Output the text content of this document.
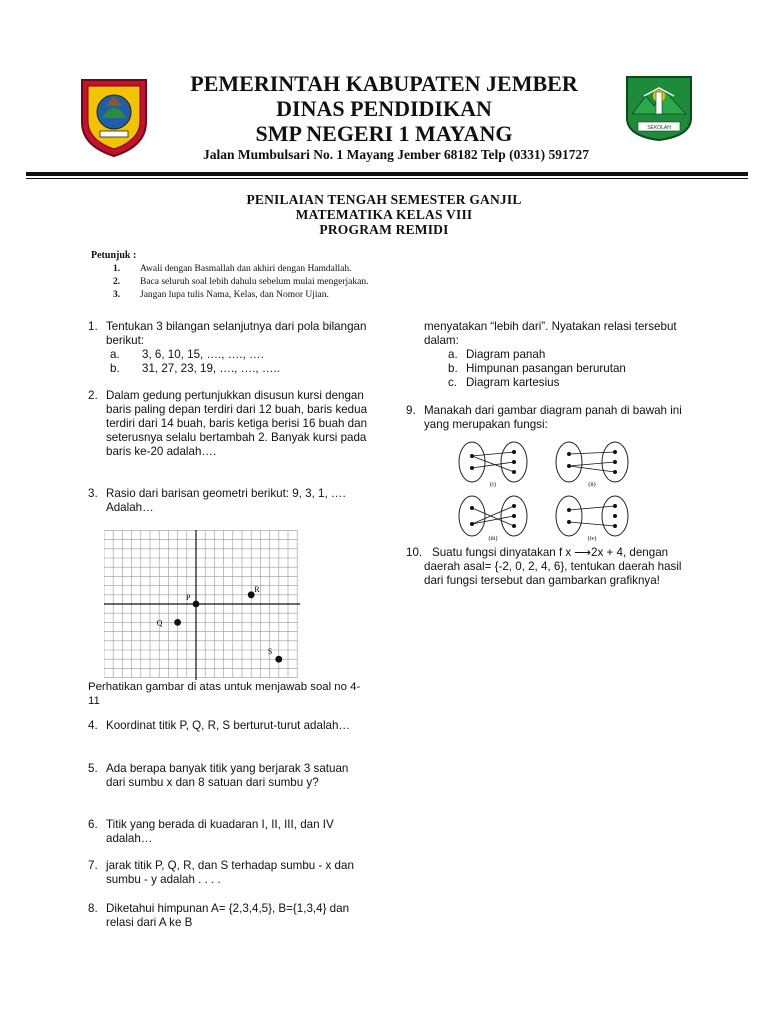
SEKOLAH
PEMERINTAH KABUPATEN JEMBER
DINAS PENDIDIKAN
SMP NEGERI 1 MAYANG
Jalan Mumbulsari No. 1 Mayang Jember 68182 Telp (0331) 591727
PENILAIAN TENGAH SEMESTER GANJIL
MATEMATIKA KELAS VIII
PROGRAM REMIDI
Petunjuk :
1. Awali dengan Basmallah dan akhiri dengan Hamdallah.
2. Baca seluruh soal lebih dahulu sebelum mulai mengerjakan.
3. Jangan lupa tulis Nama, Kelas, dan Nomor Ujian.
1. Tentukan 3 bilangan selanjutnya dari pola bilangan berikut:
a. 3, 6, 10, 15, …., …., ….
b. 31, 27, 23, 19, …., …., …..
2. Dalam gedung pertunjukkan disusun kursi dengan baris paling depan terdiri dari 12 buah, baris kedua terdiri dari 14 buah, baris ketiga berisi 16 buah dan seterusnya selalu bertambah 2. Banyak kursi pada baris ke-20 adalah….
3. Rasio dari barisan geometri berikut: 9, 3, 1, …. Adalah…
P
Q
R
S
Perhatikan gambar di atas untuk menjawab soal no 4-11
4. Koordinat titik P, Q, R, S berturut-turut adalah…
5. Ada berapa banyak titik yang berjarak 3 satuan dari sumbu x dan 8 satuan dari sumbu y?
6. Titik yang berada di kuadaran I, II, III, dan IV adalah…
7. jarak titik P, Q, R, dan S terhadap sumbu - x dan sumbu - y adalah . . . .
8. Diketahui himpunan A= {2,3,4,5}, B={1,3,4} dan relasi dari A ke B
menyatakan “lebih dari”. Nyatakan relasi tersebut dalam:
a. Diagram panah
b. Himpunan pasangan berurutan
c. Diagram kartesius
9. Manakah dari gambar diagram panah di bawah ini yang merupakan fungsi:
(i)	(ii)
(iii)	(iv)
10. Suatu fungsi dinyatakan f x ⟶2x + 4, dengan daerah asal= {-2, 0, 2, 4, 6}, tentukan daerah hasil dari fungsi tersebut dan gambarkan grafiknya!
